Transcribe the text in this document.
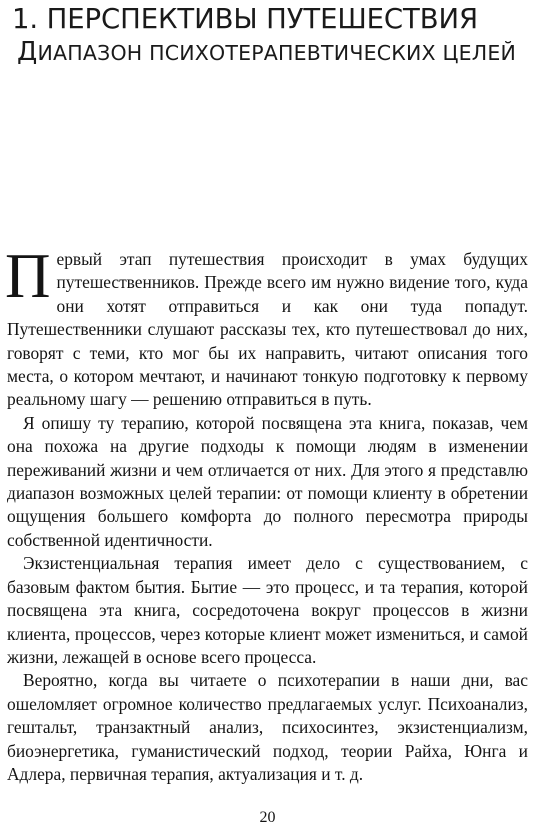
1. ПЕРСПЕКТИВЫ ПУТЕШЕСТВИЯ
ДИАПАЗОН ПСИХОТЕРАПЕВТИЧЕСКИХ ЦЕЛЕЙ

Первый этап путешествия происходит в умах будущих путешественников. Прежде всего им нужно видение того, куда они хотят отправиться и как они туда попадут. Путешественники слушают рассказы тех, кто путешествовал до них, говорят с теми, кто мог бы их направить, читают описания того места, о котором мечтают, и начинают тонкую подготовку к первому реальному шагу — решению отправиться в путь.

Я опишу ту терапию, которой посвящена эта книга, показав, чем она похожа на другие подходы к помощи людям в изменении переживаний жизни и чем отличается от них. Для этого я представлю диапазон возможных целей терапии: от помощи клиенту в обретении ощущения большего комфорта до полного пересмотра природы собственной идентичности.

Экзистенциальная терапия имеет дело с существованием, с базовым фактом бытия. Бытие — это процесс, и та терапия, которой посвящена эта книга, сосредоточена вокруг процессов в жизни клиента, процессов, через которые клиент может измениться, и самой жизни, лежащей в основе всего процесса.

Вероятно, когда вы читаете о психотерапии в наши дни, вас ошеломляет огромное количество предлагаемых услуг. Психоанализ, гештальт, транзактный анализ, психосинтез, экзистенциализм, биоэнергетика, гуманистический подход, теории Райха, Юнга и Адлера, первичная терапия, актуализация и т. д.

20
